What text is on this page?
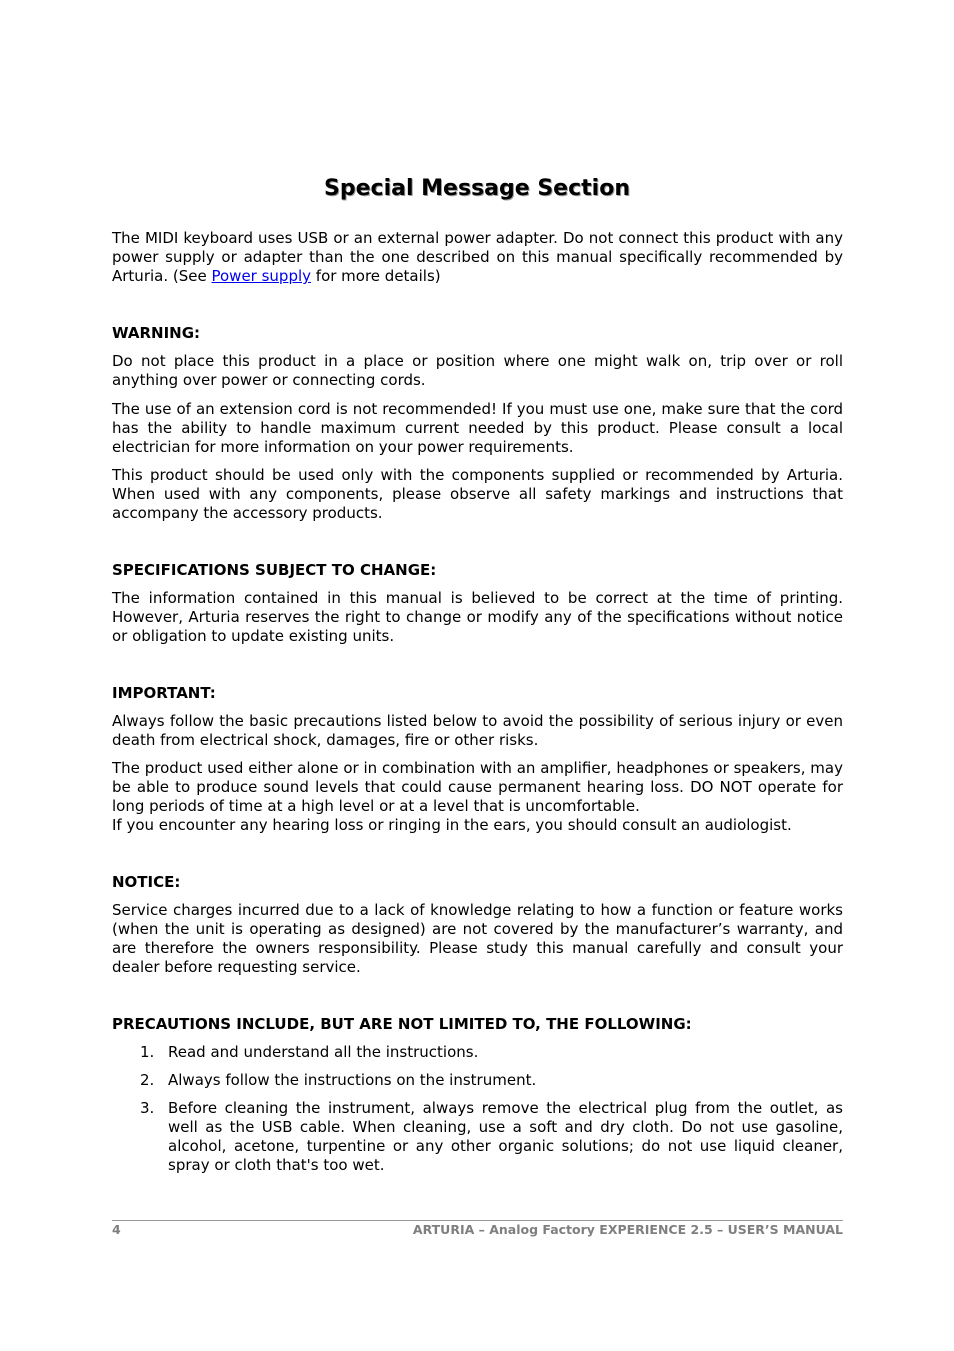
Special Message Section

The MIDI keyboard uses USB or an external power adapter. Do not connect this product with any power supply or adapter than the one described on this manual specifically recommended by Arturia. (See Power supply for more details)

WARNING:

Do not place this product in a place or position where one might walk on, trip over or roll anything over power or connecting cords.

The use of an extension cord is not recommended! If you must use one, make sure that the cord has the ability to handle maximum current needed by this product. Please consult a local electrician for more information on your power requirements.

This product should be used only with the components supplied or recommended by Arturia. When used with any components, please observe all safety markings and instructions that accompany the accessory products.

SPECIFICATIONS SUBJECT TO CHANGE:

The information contained in this manual is believed to be correct at the time of printing. However, Arturia reserves the right to change or modify any of the specifications without notice or obligation to update existing units.

IMPORTANT:

Always follow the basic precautions listed below to avoid the possibility of serious injury or even death from electrical shock, damages, fire or other risks.

The product used either alone or in combination with an amplifier, headphones or speakers, may be able to produce sound levels that could cause permanent hearing loss. DO NOT operate for long periods of time at a high level or at a level that is uncomfortable.

If you encounter any hearing loss or ringing in the ears, you should consult an audiologist.

NOTICE:

Service charges incurred due to a lack of knowledge relating to how a function or feature works (when the unit is operating as designed) are not covered by the manufacturer’s warranty, and are therefore the owners responsibility. Please study this manual carefully and consult your dealer before requesting service.

PRECAUTIONS INCLUDE, BUT ARE NOT LIMITED TO, THE FOLLOWING:
1. Read and understand all the instructions.
2. Always follow the instructions on the instrument.
3. Before cleaning the instrument, always remove the electrical plug from the outlet, as well as the USB cable. When cleaning, use a soft and dry cloth. Do not use gasoline, alcohol, acetone, turpentine or any other organic solutions; do not use liquid cleaner, spray or cloth that's too wet.
4	ARTURIA – Analog Factory EXPERIENCE 2.5 – USER’S MANUAL
